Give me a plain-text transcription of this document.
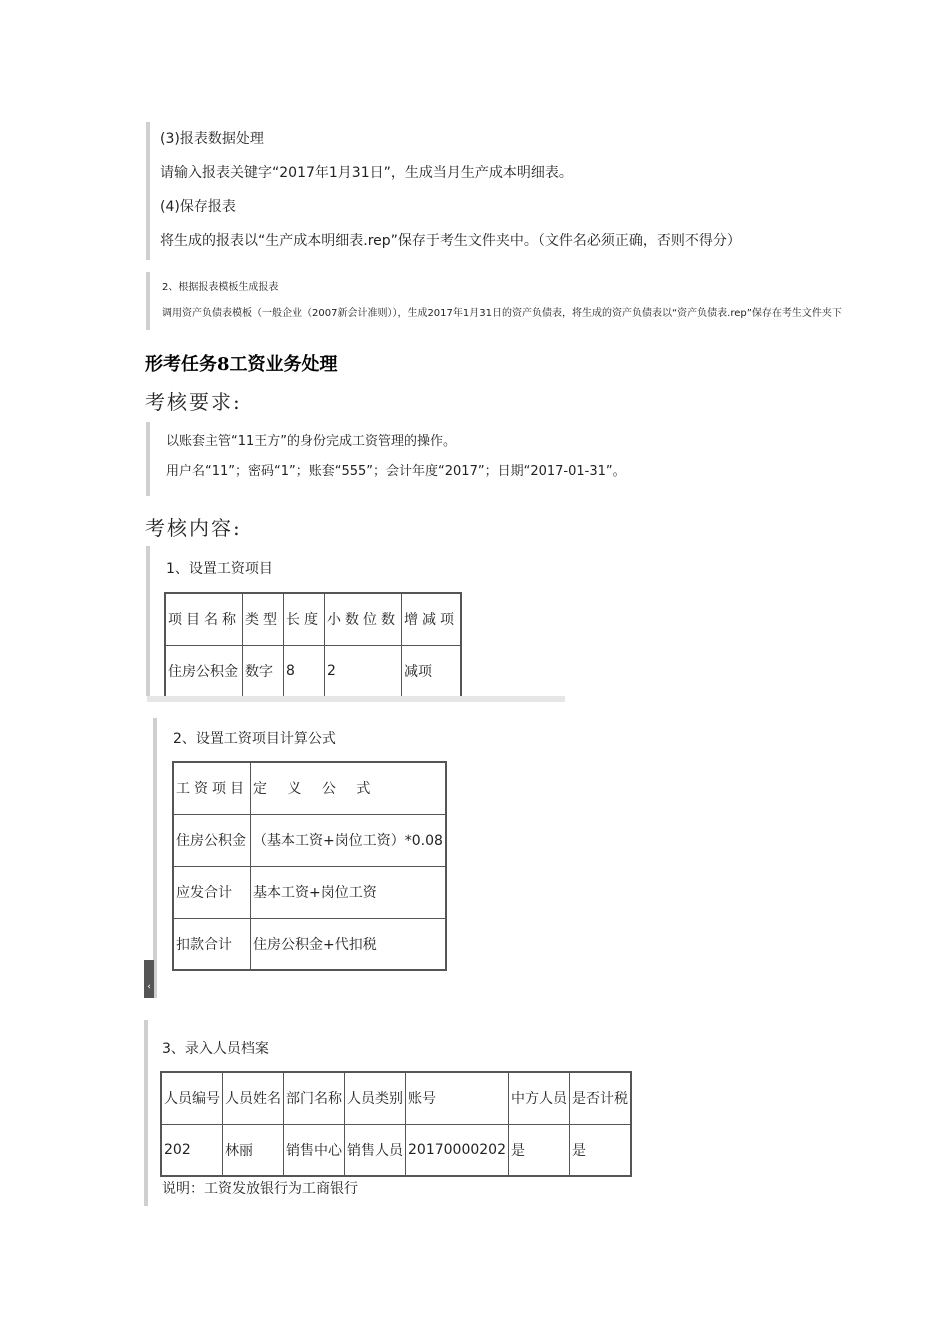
(3)报表数据处理
请输入报表关键字“2017年1月31日”，生成当月生产成本明细表。
(4)保存报表
将生成的报表以“生产成本明细表.rep”保存于考生文件夹中。（文件名必须正确，否则不得分）
2、根据报表模板生成报表
调用资产负债表模板（一般企业（2007新会计准则）），生成2017年1月31日的资产负债表，将生成的资产负债表以“资产负债表.rep”保存在考生文件夹下
形考任务8工资业务处理
考核要求:
以账套主管“11王方”的身份完成工资管理的操作。
用户名“11”；密码“1”；账套“555”；会计年度“2017”；日期“2017-01-31”。
考核内容:
1、设置工资项目
项目名称	类型	长度	小数位数	增减项
住房公积金	数字	8	2	减项
2、设置工资项目计算公式
工资项目	定 义 公 式
住房公积金	（基本工资+岗位工资）*0.08
应发合计	基本工资+岗位工资
扣款合计	住房公积金+代扣税
‹
3、录入人员档案
说明：工资发放银行为工商银行
人员编号	人员姓名	部门名称	人员类别	账号	中方人员	是否计税
202	林丽	销售中心	销售人员	20170000202	是	是
